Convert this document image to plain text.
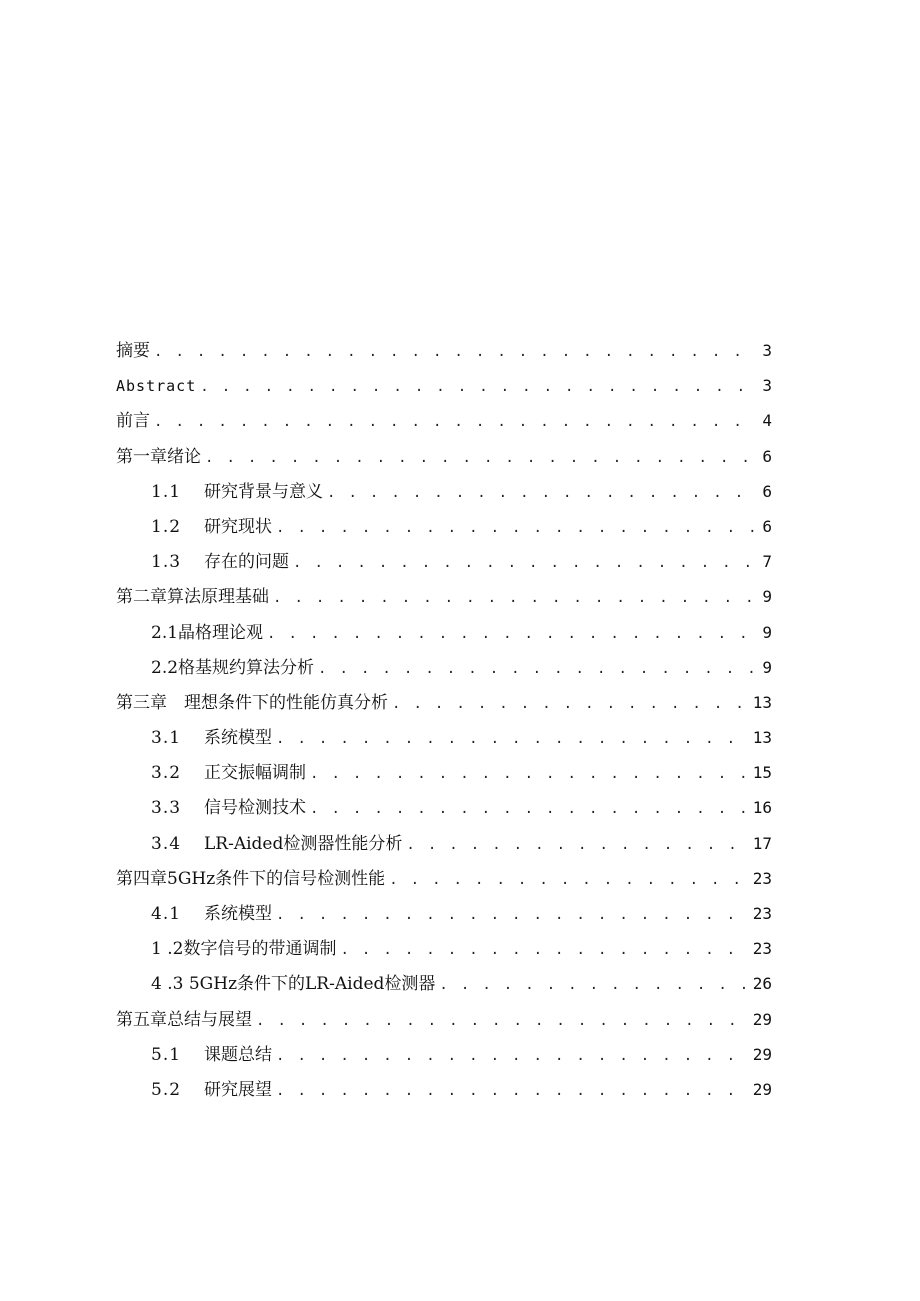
摘要 . . .	3
Abstract . . .	3
前言 . . .	4
第一章绪论 . . .	6
1.1	研究背景与意义 . . .	6
1.2	研究现状 . . .	6
1.3	存在的问题 . . .	7
第二章算法原理基础 . . .	9
2.1晶格理论观 . . .	9
2.2格基规约算法分析 . . .	9
第三章　理想条件下的性能仿真分析 . . .	13
3.1	系统模型 . . .	13
3.2	正交振幅调制 . . .	15
3.3	信号检测技术 . . .	16
3.4	LR-Aided检测器性能分析 . . .	17
第四章5GHz条件下的信号检测性能 . . .	23
4.1	系统模型 . . .	23
1 .2数字信号的带通调制 . . .	23
4 .3 5GHz条件下的LR-Aided检测器 . . .	26
第五章总结与展望 . . .	29
5.1	课题总结 . . .	29
5.2	研究展望 . . .	29
